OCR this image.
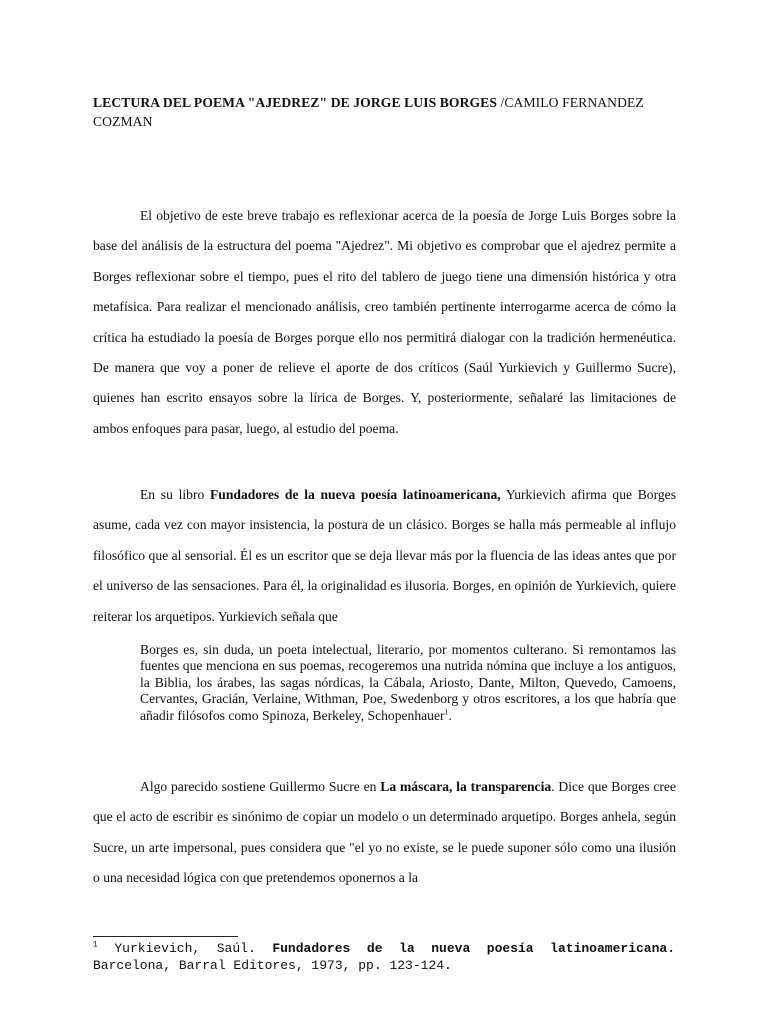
LECTURA DEL POEMA "AJEDREZ" DE JORGE LUIS BORGES /CAMILO FERNANDEZ COZMAN

El objetivo de este breve trabajo es reflexionar acerca de la poesía de Jorge Luis Borges sobre la base del análisis de la estructura del poema "Ajedrez". Mi objetivo es comprobar que el ajedrez permite a Borges reflexionar sobre el tiempo, pues el rito del tablero de juego tiene una dimensión histórica y otra metafísica. Para realizar el mencionado análisis, creo también pertinente interrogarme acerca de cómo la crítica ha estudiado la poesía de Borges porque ello nos permitirá dialogar con la tradición hermenéutica. De manera que voy a poner de relieve el aporte de dos críticos (Saúl Yurkievich y Guillermo Sucre), quienes han escrito ensayos sobre la lírica de Borges. Y, posteriormente, señalaré las limitaciones de ambos enfoques para pasar, luego, al estudio del poema.

En su libro Fundadores de la nueva poesía latinoamericana, Yurkievich afirma que Borges asume, cada vez con mayor insistencia, la postura de un clásico. Borges se halla más permeable al influjo filosófico que al sensorial. Él es un escritor que se deja llevar más por la fluencia de las ideas antes que por el universo de las sensaciones. Para él, la originalidad es ilusoria. Borges, en opinión de Yurkievich, quiere reiterar los arquetipos. Yurkievich señala que

Borges es, sin duda, un poeta intelectual, literario, por momentos culterano. Si remontamos las fuentes que menciona en sus poemas, recogeremos una nutrida nómina que incluye a los antiguos, la Biblia, los árabes, las sagas nórdicas, la Cábala, Ariosto, Dante, Milton, Quevedo, Camoens, Cervantes, Gracián, Verlaine, Withman, Poe, Swedenborg y otros escritores, a los que habría que añadir filósofos como Spinoza, Berkeley, Schopenhauer$^1$.

Algo parecido sostiene Guillermo Sucre en La máscara, la transparencia. Dice que Borges cree que el acto de escribir es sinónimo de copiar un modelo o un determinado arquetipo. Borges anhela, según Sucre, un arte impersonal, pues considera que "el yo no existe, se le puede suponer sólo como una ilusión o una necesidad lógica con que pretendemos oponernos a la

$^1$ Yurkievich, Saúl. Fundadores de la nueva poesía latinoamericana. Barcelona, Barral Editores, 1973, pp. 123-124.
